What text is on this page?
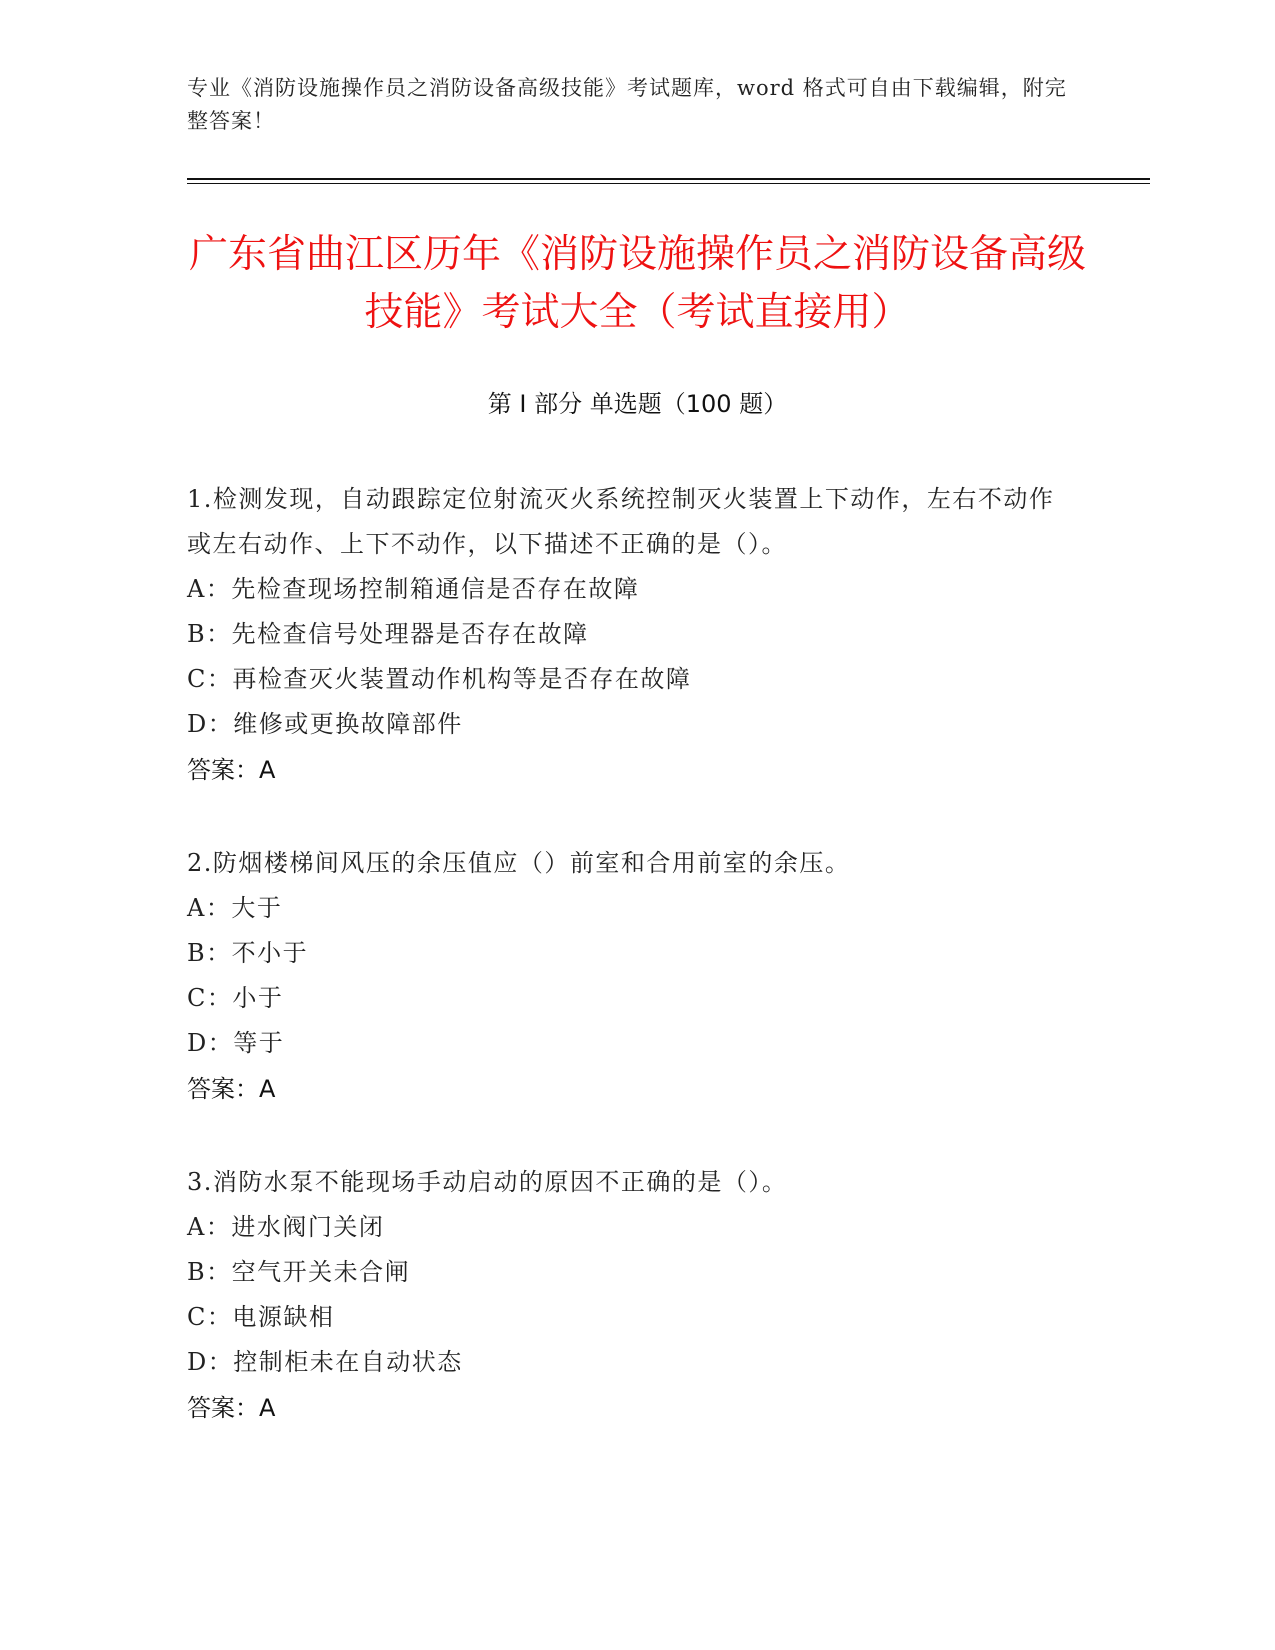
专业《消防设施操作员之消防设备高级技能》考试题库，word 格式可自由下载编辑，附完整答案！
广东省曲江区历年《消防设施操作员之消防设备高级技能》考试大全（考试直接用）
第 I 部分 单选题（100 题）
1.检测发现，自动跟踪定位射流灭火系统控制灭火装置上下动作，左右不动作或左右动作、上下不动作，以下描述不正确的是（）。
A：先检查现场控制箱通信是否存在故障
B：先检查信号处理器是否存在故障
C：再检查灭火装置动作机构等是否存在故障
D：维修或更换故障部件
答案：A
2.防烟楼梯间风压的余压值应（）前室和合用前室的余压。
A：大于
B：不小于
C：小于
D：等于
答案：A
3.消防水泵不能现场手动启动的原因不正确的是（）。
A：进水阀门关闭
B：空气开关未合闸
C：电源缺相
D：控制柜未在自动状态
答案：A
